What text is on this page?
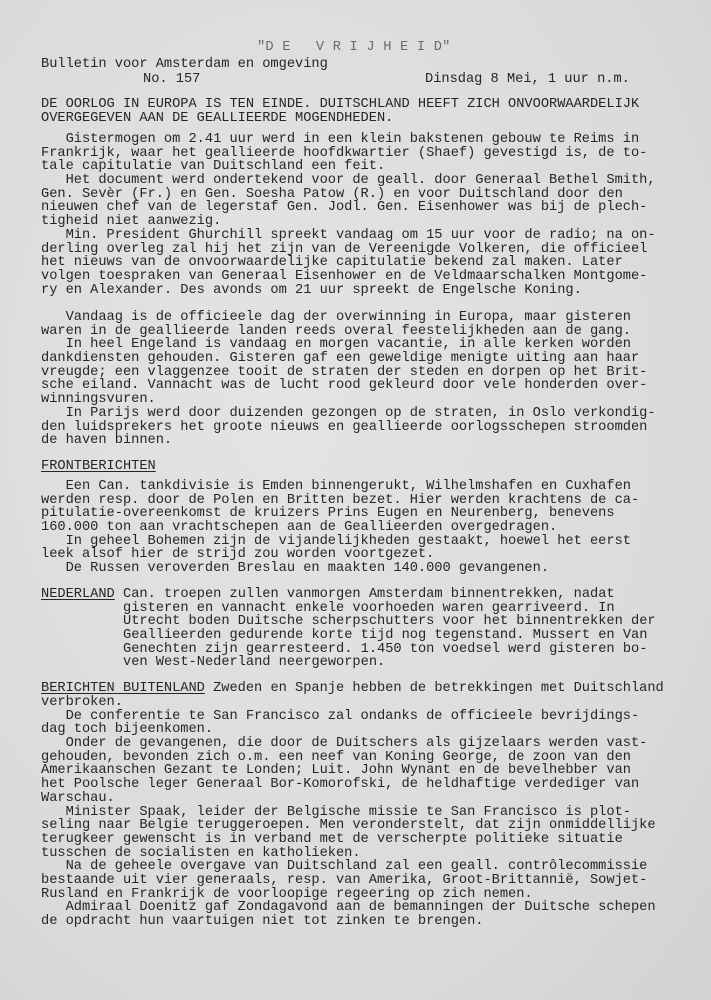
"D E   V R I J H E I D"
Bulletin voor Amsterdam en omgeving
No. 157	Dinsdag 8 Mei, 1 uur n.m.
DE OORLOG IN EUROPA IS TEN EINDE. DUITSCHLAND HEEFT ZICH ONVOORWAARDELIJK
OVERGEGEVEN AAN DE GEALLIEERDE MOGENDHEDEN.
Gistermogen om 2.41 uur werd in een klein bakstenen gebouw te Reims in
Frankrijk, waar het geallieerde hoofdkwartier (Shaef) gevestigd is, de to-
tale capitulatie van Duitschland een feit.
Het document werd ondertekend voor de geall. door Generaal Bethel Smith,
Gen. Sevèr (Fr.) en Gen. Soesha Patow (R.) en voor Duitschland door den
nieuwen chef van de legerstaf Gen. Jodl. Gen. Eisenhower was bij de plech-
tigheid niet aanwezig.
Min. President Ghurchill spreekt vandaag om 15 uur voor de radio; na on-
derling overleg zal hij het zijn van de Vereenigde Volkeren, die officieel
het nieuws van de onvoorwaardelijke capitulatie bekend zal maken. Later
volgen toespraken van Generaal Eisenhower en de Veldmaarschalken Montgome-
ry en Alexander. Des avonds om 21 uur spreekt de Engelsche Koning.
Vandaag is de officieele dag der overwinning in Europa, maar gisteren
waren in de geallieerde landen reeds overal feestelijkheden aan de gang.
In heel Engeland is vandaag en morgen vacantie, in alle kerken worden
dankdiensten gehouden. Gisteren gaf een geweldige menigte uiting aan haar
vreugde; een vlaggenzee tooit de straten der steden en dorpen op het Brit-
sche eiland. Vannacht was de lucht rood gekleurd door vele honderden over-
winningsvuren.
In Parijs werd door duizenden gezongen op de straten, in Oslo verkondig-
den luidsprekers het groote nieuws en geallieerde oorlogsschepen stroomden
de haven binnen.
FRONTBERICHTEN
Een Can. tankdivisie is Emden binnengerukt, Wilhelmshafen en Cuxhafen
werden resp. door de Polen en Britten bezet. Hier werden krachtens de ca-
pitulatie-overeenkomst de kruizers Prins Eugen en Neurenberg, benevens
160.000 ton aan vrachtschepen aan de Geallieerden overgedragen.
In geheel Bohemen zijn de vijandelijkheden gestaakt, hoewel het eerst
leek alsof hier de strijd zou worden voortgezet.
De Russen veroverden Breslau en maakten 140.000 gevangenen.
NEDERLAND Can. troepen zullen vanmorgen Amsterdam binnentrekken, nadat
gisteren en vannacht enkele voorhoeden waren gearriveerd. In
Utrecht boden Duitsche scherpschutters voor het binnentrekken der
Geallieerden gedurende korte tijd nog tegenstand. Mussert en Van
Genechten zijn gearresteerd. 1.450 ton voedsel werd gisteren bo-
ven West-Nederland neergeworpen.
BERICHTEN BUITENLAND Zweden en Spanje hebben de betrekkingen met Duitschland
verbroken.
De conferentie te San Francisco zal ondanks de officieele bevrijdings-
dag toch bijeenkomen.
Onder de gevangenen, die door de Duitschers als gijzelaars werden vast-
gehouden, bevonden zich o.m. een neef van Koning George, de zoon van den
Amerikaanschen Gezant te Londen; Luit. John Wynant en de bevelhebber van
het Poolsche leger Generaal Bor-Komorofski, de heldhaftige verdediger van
Warschau.
Minister Spaak, leider der Belgische missie te San Francisco is plot-
seling naar Belgie teruggeroepen. Men veronderstelt, dat zijn onmiddellijke
terugkeer gewenscht is in verband met de verscherpte politieke situatie
tusschen de socialisten en katholieken.
Na de geheele overgave van Duitschland zal een geall. contrôlecommissie
bestaande uit vier generaals, resp. van Amerika, Groot-Brittannië, Sowjet-
Rusland en Frankrijk de voorloopige regeering op zich nemen.
Admiraal Doenitz gaf Zondagavond aan de bemanningen der Duitsche schepen
de opdracht hun vaartuigen niet tot zinken te brengen.
